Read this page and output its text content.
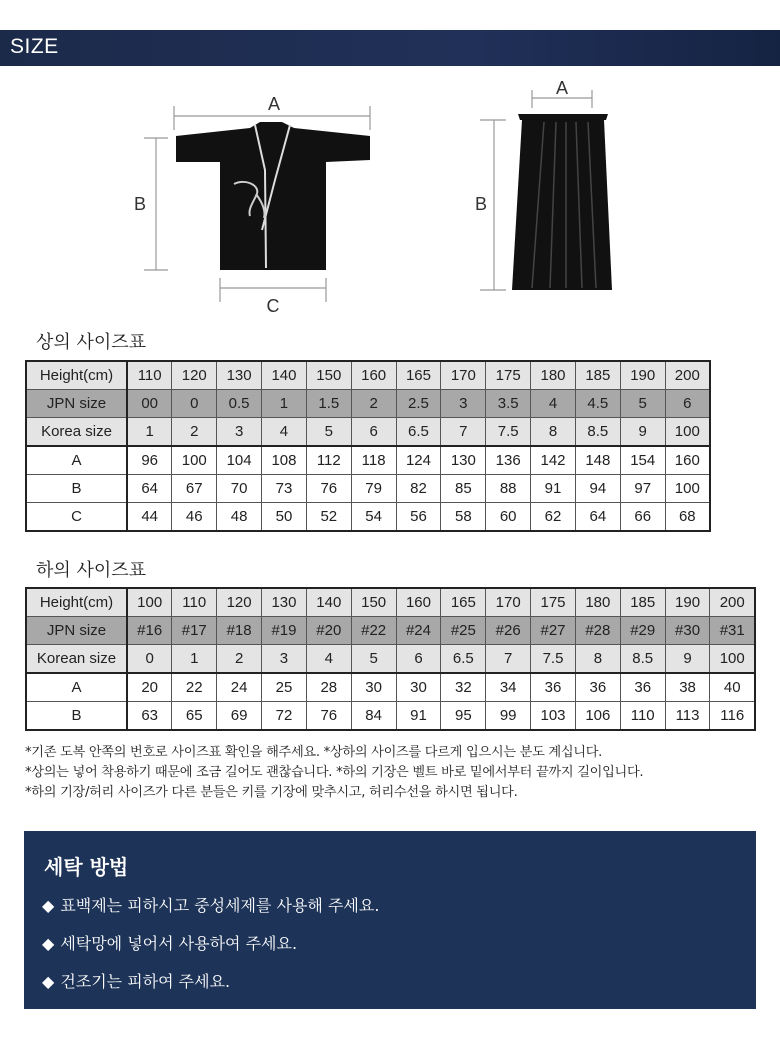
SIZE
A
B
C
A
B
상의 사이즈표
Height(cm)	110	120	130	140	150	160	165	170	175	180	185	190	200
JPN size	00	0	0.5	1	1.5	2	2.5	3	3.5	4	4.5	5	6
Korea size	1	2	3	4	5	6	6.5	7	7.5	8	8.5	9	100
A	96	100	104	108	112	118	124	130	136	142	148	154	160
B	64	67	70	73	76	79	82	85	88	91	94	97	100
C	44	46	48	50	52	54	56	58	60	62	64	66	68
하의 사이즈표
Height(cm)	100	110	120	130	140	150	160	165	170	175	180	185	190	200
JPN size	#16	#17	#18	#19	#20	#22	#24	#25	#26	#27	#28	#29	#30	#31
Korean size	0	1	2	3	4	5	6	6.5	7	7.5	8	8.5	9	100
A	20	22	24	25	28	30	30	32	34	36	36	36	38	40
B	63	65	69	72	76	84	91	95	99	103	106	110	113	116
*기존 도복 안쪽의 번호로 사이즈표 확인을 해주세요. *상하의 사이즈를 다르게 입으시는 분도 계십니다.
*상의는 넣어 착용하기 때문에 조금 길어도 괜찮습니다. *하의 기장은 벨트 바로 밑에서부터 끝까지 길이입니다.
*하의 기장/허리 사이즈가 다른 분들은 키를 기장에 맞추시고, 허리수선을 하시면 됩니다.
세탁 방법
◆ 표백제는 피하시고 중성세제를 사용해 주세요.
◆ 세탁망에 넣어서 사용하여 주세요.
◆ 건조기는 피하여 주세요.
